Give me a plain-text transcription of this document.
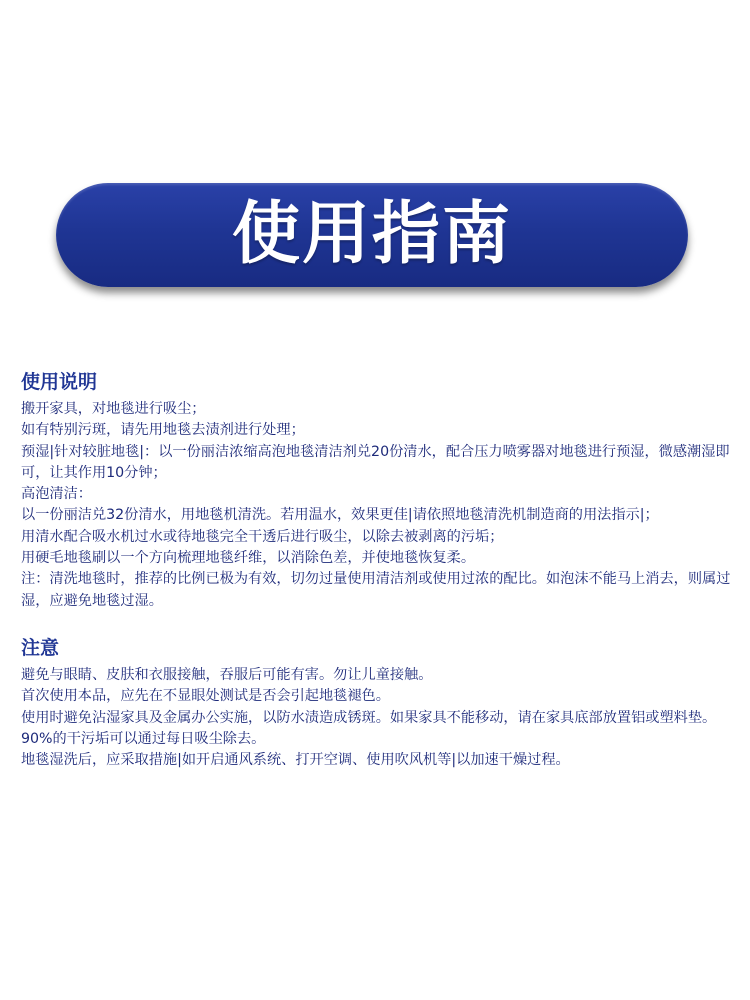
使用指南
使用说明

搬开家具，对地毯进行吸尘；

如有特别污斑，请先用地毯去渍剂进行处理；

预湿|针对较脏地毯|：以一份丽洁浓缩高泡地毯清洁剂兑20份清水，配合压力喷雾器对地毯进行预湿，微感潮湿即可，让其作用10分钟；

高泡清洁：

以一份丽洁兑32份清水，用地毯机清洗。若用温水，效果更佳|请依照地毯清洗机制造商的用法指示|；

用清水配合吸水机过水或待地毯完全干透后进行吸尘，以除去被剥离的污垢；

用硬毛地毯刷以一个方向梳理地毯纤维，以消除色差，并使地毯恢复柔。

注：清洗地毯时，推荐的比例已极为有效，切勿过量使用清洁剂或使用过浓的配比。如泡沫不能马上消去，则属过湿，应避免地毯过湿。

注意

避免与眼睛、皮肤和衣服接触，吞服后可能有害。勿让儿童接触。

首次使用本品，应先在不显眼处测试是否会引起地毯褪色。

使用时避免沾湿家具及金属办公实施，以防水渍造成锈斑。如果家具不能移动，请在家具底部放置铝或塑料垫。

90%的干污垢可以通过每日吸尘除去。

地毯湿洗后，应采取措施|如开启通风系统、打开空调、使用吹风机等|以加速干燥过程。
